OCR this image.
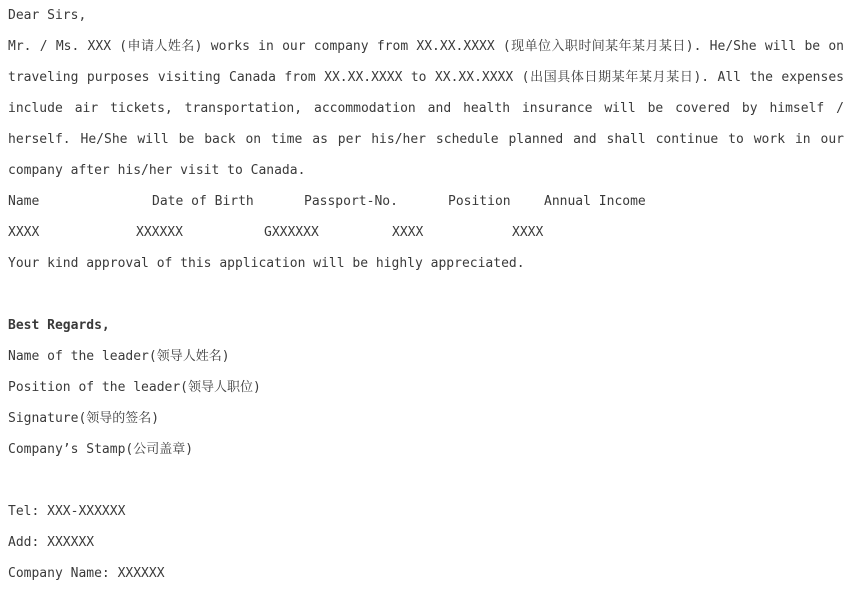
Dear Sirs,

Mr. / Ms. XXX (申请人姓名) works in our company from XX.XX.XXXX (现单位入职时间某年某月某日). He/She will be on traveling purposes visiting Canada from XX.XX.XXXX to XX.XX.XXXX (出国具体日期某年某月某日). All the expenses include air tickets, transportation, accommodation and health insurance will be covered by himself / herself. He/She will be back on time as per his/her schedule planned and shall continue to work in our company after his/her visit to Canada.

Name	Date of Birth	Passport-No.	Position	Annual Income
XXXX	XXXXXX	GXXXXXX	XXXX	XXXX
Your kind approval of this application will be highly appreciated.
Best Regards,
Name of the leader(领导人姓名)
Position of the leader(领导人职位)
Signature(领导的签名)
Company’s Stamp(公司盖章)
Tel: XXX-XXXXXX
Add: XXXXXX
Company Name: XXXXXX
